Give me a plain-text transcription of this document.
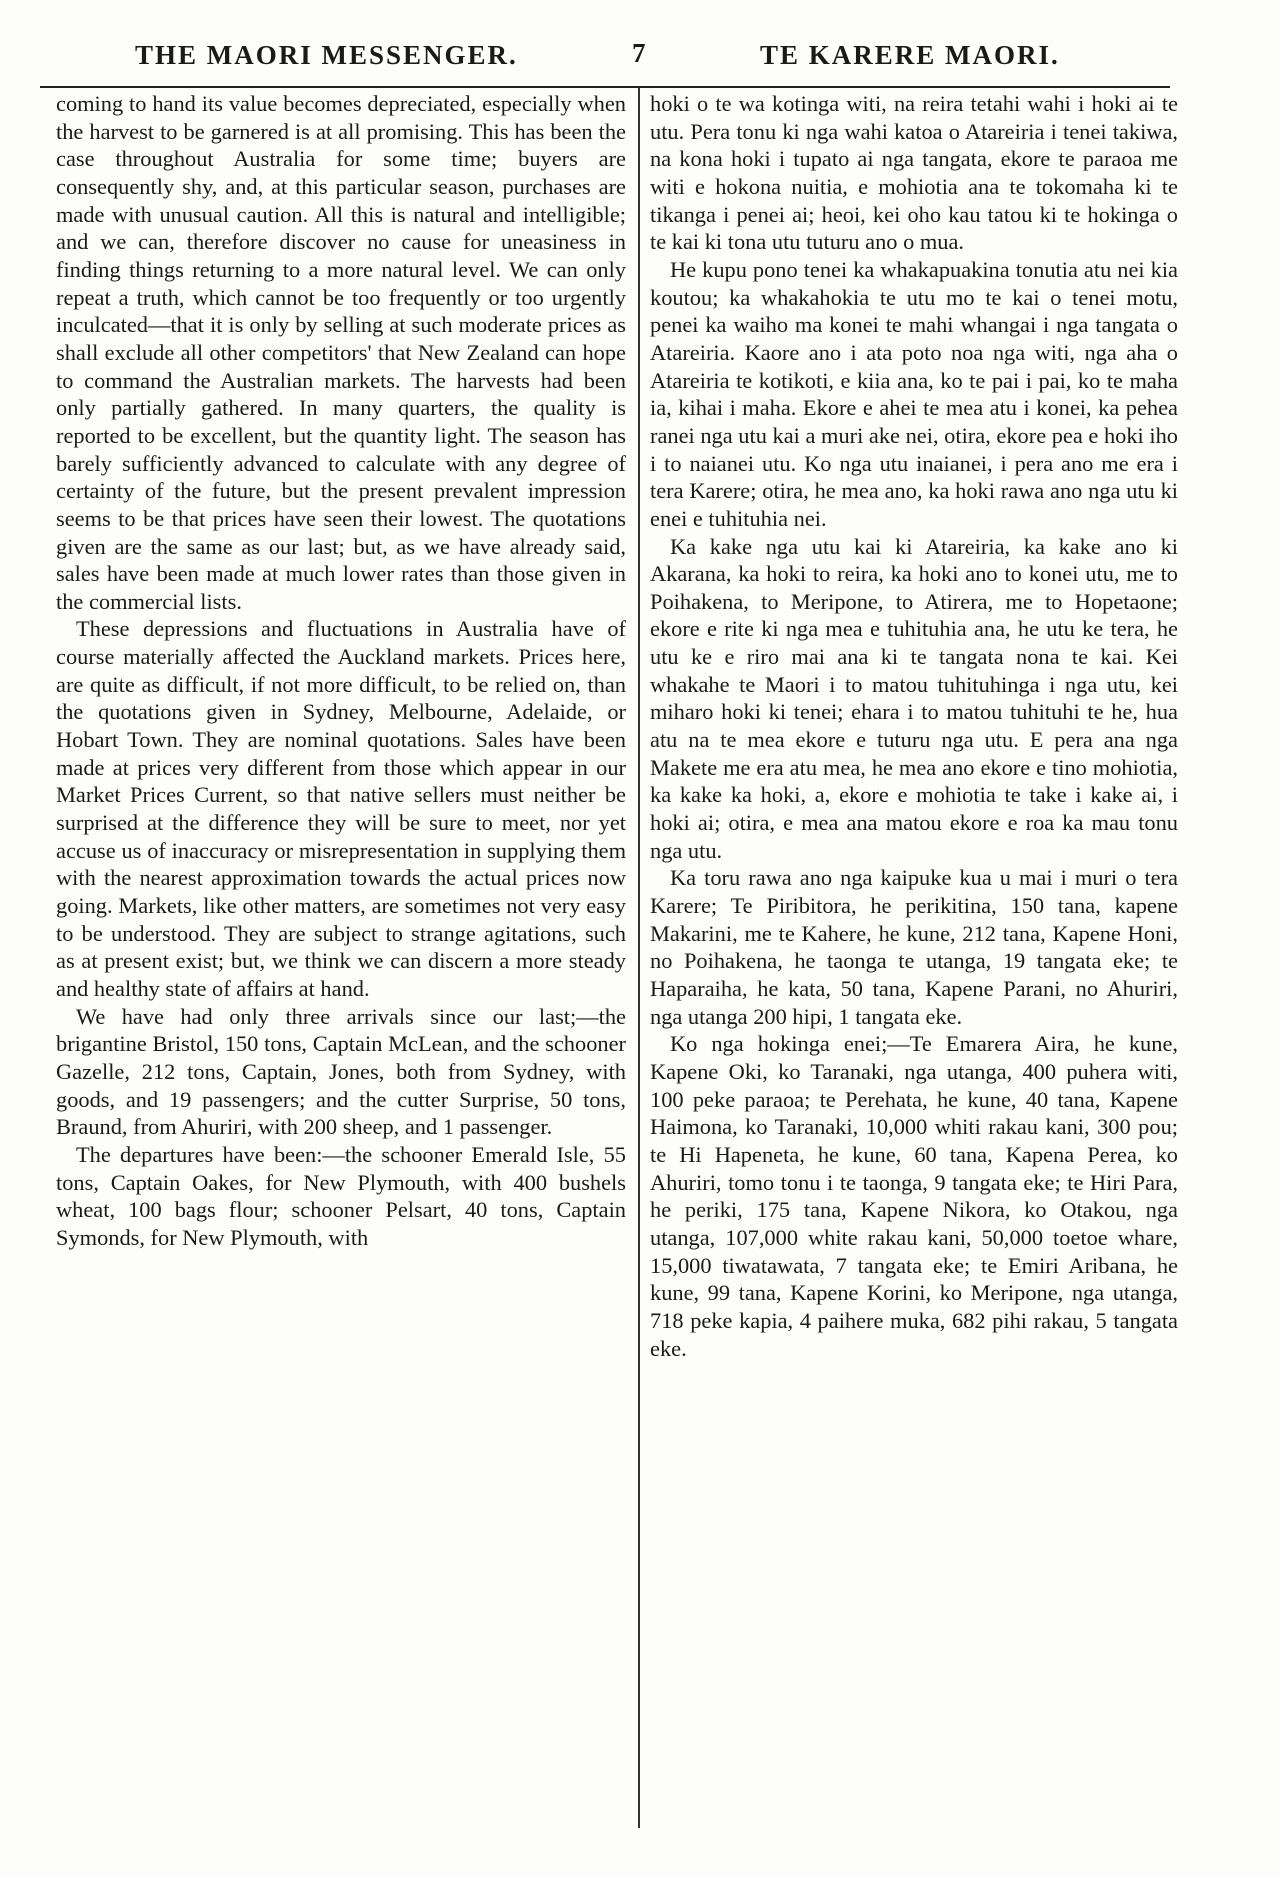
THE MAORI MESSENGER.	7	TE KARERE MAORI.

coming to hand its value becomes depreciated, especially when the harvest to be garnered is at all promising. This has been the case throughout Australia for some time; buyers are consequently shy, and, at this particular season, purchases are made with unusual caution. All this is natural and intelligible; and we can, therefore discover no cause for uneasiness in finding things returning to a more natural level. We can only repeat a truth, which cannot be too frequently or too urgently inculcated—that it is only by selling at such moderate prices as shall exclude all other competitors' that New Zealand can hope to command the Australian markets. The harvests had been only partially gathered. In many quarters, the quality is reported to be excellent, but the quantity light. The season has barely sufficiently advanced to calculate with any degree of certainty of the future, but the present prevalent impression seems to be that prices have seen their lowest. The quotations given are the same as our last; but, as we have already said, sales have been made at much lower rates than those given in the commercial lists.

These depressions and fluctuations in Australia have of course materially affected the Auckland markets. Prices here, are quite as difficult, if not more difficult, to be relied on, than the quotations given in Sydney, Melbourne, Adelaide, or Hobart Town. They are nominal quotations. Sales have been made at prices very different from those which appear in our Market Prices Current, so that native sellers must neither be surprised at the difference they will be sure to meet, nor yet accuse us of inaccuracy or misrepresentation in supplying them with the nearest approximation towards the actual prices now going. Markets, like other matters, are sometimes not very easy to be understood. They are subject to strange agitations, such as at present exist; but, we think we can discern a more steady and healthy state of affairs at hand.

We have had only three arrivals since our last;—the brigantine Bristol, 150 tons, Captain McLean, and the schooner Gazelle, 212 tons, Captain, Jones, both from Sydney, with goods, and 19 passengers; and the cutter Surprise, 50 tons, Braund, from Ahuriri, with 200 sheep, and 1 passenger.

The departures have been:—the schooner Emerald Isle, 55 tons, Captain Oakes, for New Plymouth, with 400 bushels wheat, 100 bags flour; schooner Pelsart, 40 tons, Captain Symonds, for New Plymouth, with

hoki o te wa kotinga witi, na reira tetahi wahi i hoki ai te utu. Pera tonu ki nga wahi katoa o Atareiria i tenei takiwa, na kona hoki i tupato ai nga tangata, ekore te paraoa me witi e hokona nuitia, e mohiotia ana te tokomaha ki te tikanga i penei ai; heoi, kei oho kau tatou ki te hokinga o te kai ki tona utu tuturu ano o mua.

He kupu pono tenei ka whakapuakina tonutia atu nei kia koutou; ka whakahokia te utu mo te kai o tenei motu, penei ka waiho ma konei te mahi whangai i nga tangata o Atareiria. Kaore ano i ata poto noa nga witi, nga aha o Atareiria te kotikoti, e kiia ana, ko te pai i pai, ko te maha ia, kihai i maha. Ekore e ahei te mea atu i konei, ka pehea ranei nga utu kai a muri ake nei, otira, ekore pea e hoki iho i to naianei utu. Ko nga utu inaianei, i pera ano me era i tera Karere; otira, he mea ano, ka hoki rawa ano nga utu ki enei e tuhituhia nei.

Ka kake nga utu kai ki Atareiria, ka kake ano ki Akarana, ka hoki to reira, ka hoki ano to konei utu, me to Poihakena, to Meripone, to Atirera, me to Hopetaone; ekore e rite ki nga mea e tuhituhia ana, he utu ke tera, he utu ke e riro mai ana ki te tangata nona te kai. Kei whakahe te Maori i to matou tuhituhinga i nga utu, kei miharo hoki ki tenei; ehara i to matou tuhituhi te he, hua atu na te mea ekore e tuturu nga utu. E pera ana nga Makete me era atu mea, he mea ano ekore e tino mohiotia, ka kake ka hoki, a, ekore e mohiotia te take i kake ai, i hoki ai; otira, e mea ana matou ekore e roa ka mau tonu nga utu.

Ka toru rawa ano nga kaipuke kua u mai i muri o tera Karere; Te Piribitora, he perikitina, 150 tana, kapene Makarini, me te Kahere, he kune, 212 tana, Kapene Honi, no Poihakena, he taonga te utanga, 19 tangata eke; te Haparaiha, he kata, 50 tana, Kapene Parani, no Ahuriri, nga utanga 200 hipi, 1 tangata eke.

Ko nga hokinga enei;—Te Emarera Aira, he kune, Kapene Oki, ko Taranaki, nga utanga, 400 puhera witi, 100 peke paraoa; te Perehata, he kune, 40 tana, Kapene Haimona, ko Taranaki, 10,000 whiti rakau kani, 300 pou; te Hi Hapeneta, he kune, 60 tana, Kapena Perea, ko Ahuriri, tomo tonu i te taonga, 9 tangata eke; te Hiri Para, he periki, 175 tana, Kapene Nikora, ko Otakou, nga utanga, 107,000 white rakau kani, 50,000 toetoe whare, 15,000 tiwatawata, 7 tangata eke; te Emiri Aribana, he kune, 99 tana, Kapene Korini, ko Meripone, nga utanga, 718 peke kapia, 4 paihere muka, 682 pihi rakau, 5 tangata eke.
